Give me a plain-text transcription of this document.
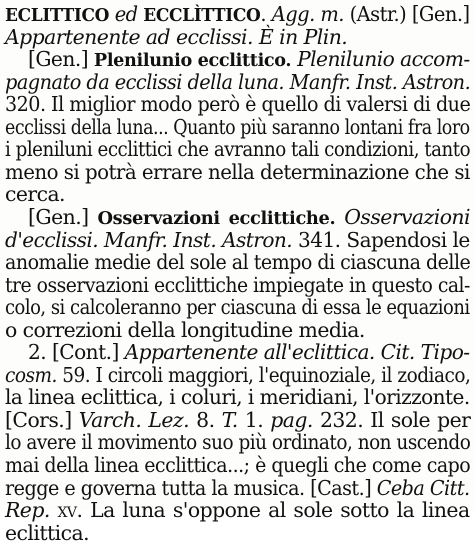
ECLITTICO ed ECCLÌTTICO. Agg. m. (Astr.) [Gen.]
Appartenente ad ecclissi. È in Plin.
[Gen.] Plenilunio ecclittico. Plenilunio accom-
pagnato da ecclissi della luna. Manfr. Inst. Astron.
320. Il miglior modo però è quello di valersi di due
ecclissi della luna... Quanto più saranno lontani fra loro
i pleniluni ecclittici che avranno tali condizioni, tanto
meno si potrà errare nella determinazione che si
cerca.
[Gen.] Osservazioni ecclittiche. Osservazioni
d'ecclissi. Manfr. Inst. Astron. 341. Sapendosi le
anomalie medie del sole al tempo di ciascuna delle
tre osservazioni ecclittiche impiegate in questo cal-
colo, si calcoleranno per ciascuna di essa le equazioni
o correzioni della longitudine media.
2. [Cont.] Appartenente all'eclittica. Cit. Tipo-
cosm. 59. I circoli maggiori, l'equinoziale, il zodiaco,
la linea eclittica, i coluri, i meridiani, l'orizzonte.
[Cors.] Varch. Lez. 8. T. 1. pag. 232. Il sole per
lo avere il movimento suo più ordinato, non uscendo
mai della linea ecclittica...; è quegli che come capo
regge e governa tutta la musica. [Cast.] Ceba Citt.
Rep. xv. La luna s'oppone al sole sotto la linea
eclittica.
